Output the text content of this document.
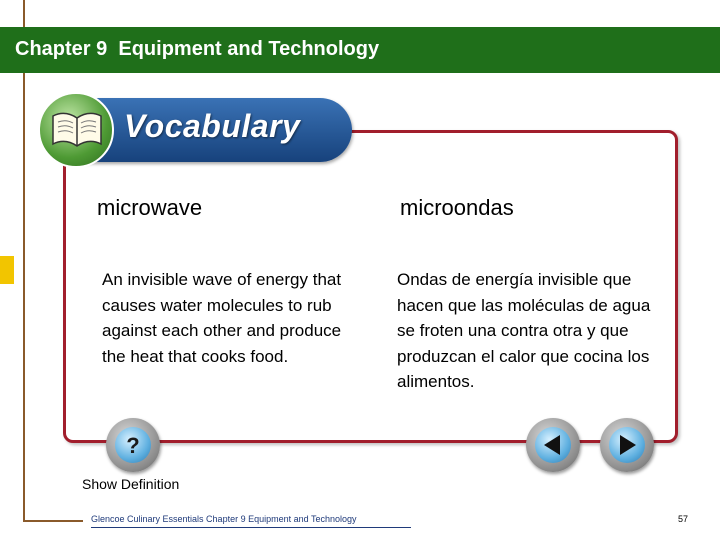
Chapter 9  Equipment and Technology
Vocabulary
microwave	microondas
An invisible wave of energy that causes water molecules to rub against each other and produce the heat that cooks food.
Ondas de energía invisible que hacen que las moléculas de agua se froten una contra otra y que produzcan el calor que cocina los alimentos.
?
Show Definition
Glencoe Culinary Essentials Chapter 9 Equipment and Technology	57
